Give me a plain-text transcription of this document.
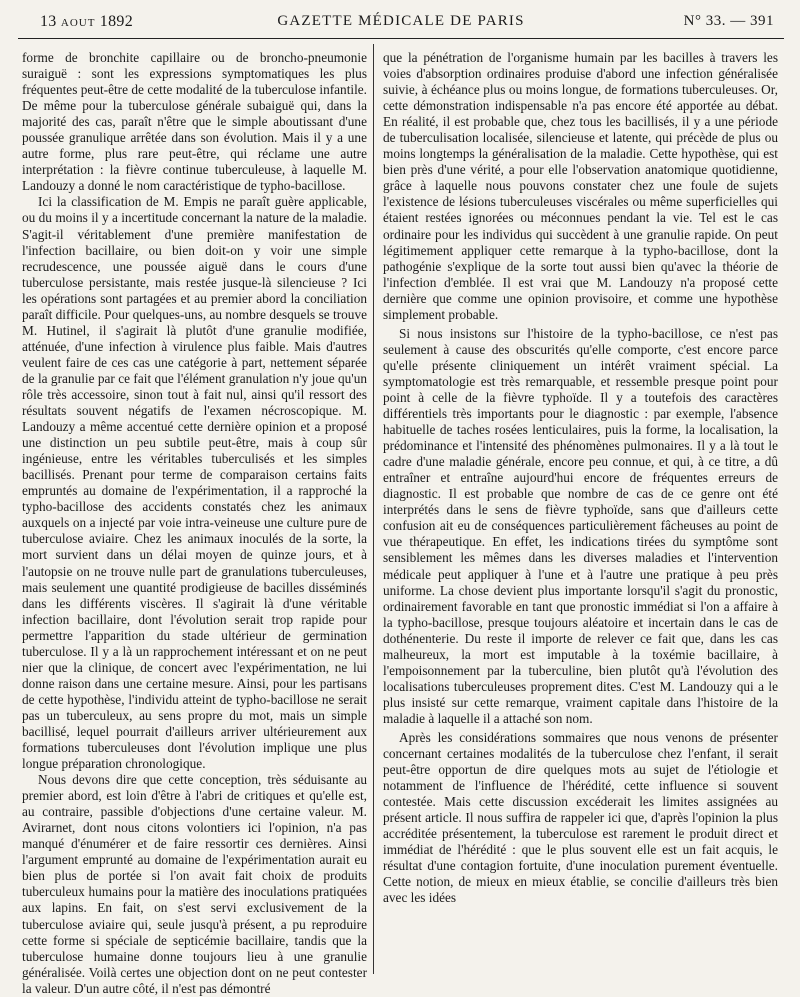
13 AOUT 1892	GAZETTE MÉDICALE DE PARIS	N° 33. — 391

forme de bronchite capillaire ou de broncho-pneumonie suraiguë : sont les expressions symptomatiques les plus fréquentes peut-être de cette modalité de la tuberculose infantile. De même pour la tuberculose générale subaiguë qui, dans la majorité des cas, paraît n'être que le simple aboutissant d'une poussée granulique arrêtée dans son évolution. Mais il y a une autre forme, plus rare peut-être, qui réclame une autre interprétation : la fièvre continue tuberculeuse, à laquelle M. Landouzy a donné le nom caractéristique de typho-bacillose.

Ici la classification de M. Empis ne paraît guère applicable, ou du moins il y a incertitude concernant la nature de la maladie. S'agit-il véritablement d'une première manifestation de l'infection bacillaire, ou bien doit-on y voir une simple recrudescence, une poussée aiguë dans le cours d'une tuberculose persistante, mais restée jusque-là silencieuse ? Ici les opérations sont partagées et au premier abord la conciliation paraît difficile. Pour quelques-uns, au nombre desquels se trouve M. Hutinel, il s'agirait là plutôt d'une granulie modifiée, atténuée, d'une infection à virulence plus faible. Mais d'autres veulent faire de ces cas une catégorie à part, nettement séparée de la granulie par ce fait que l'élément granulation n'y joue qu'un rôle très accessoire, sinon tout à fait nul, ainsi qu'il ressort des résultats souvent négatifs de l'examen nécroscopique. M. Landouzy a même accentué cette dernière opinion et a proposé une distinction un peu subtile peut-être, mais à coup sûr ingénieuse, entre les véritables tuberculisés et les simples bacillisés. Prenant pour terme de comparaison certains faits empruntés au domaine de l'expérimentation, il a rapproché la typho-bacillose des accidents constatés chez les animaux auxquels on a injecté par voie intra-veineuse une culture pure de tuberculose aviaire. Chez les animaux inoculés de la sorte, la mort survient dans un délai moyen de quinze jours, et à l'autopsie on ne trouve nulle part de granulations tuberculeuses, mais seulement une quantité prodigieuse de bacilles disséminés dans les différents viscères. Il s'agirait là d'une véritable infection bacillaire, dont l'évolution serait trop rapide pour permettre l'apparition du stade ultérieur de germination tuberculose. Il y a là un rapprochement intéressant et on ne peut nier que la clinique, de concert avec l'expérimentation, ne lui donne raison dans une certaine mesure. Ainsi, pour les partisans de cette hypothèse, l'individu atteint de typho-bacillose ne serait pas un tuberculeux, au sens propre du mot, mais un simple bacillisé, lequel pourrait d'ailleurs arriver ultérieurement aux formations tuberculeuses dont l'évolution implique une plus longue préparation chronologique.

Nous devons dire que cette conception, très séduisante au premier abord, est loin d'être à l'abri de critiques et qu'elle est, au contraire, passible d'objections d'une certaine valeur. M. Avirarnet, dont nous citons volontiers ici l'opinion, n'a pas manqué d'énumérer et de faire ressortir ces dernières. Ainsi l'argument emprunté au domaine de l'expérimentation aurait eu bien plus de portée si l'on avait fait choix de produits tuberculeux humains pour la matière des inoculations pratiquées aux lapins. En fait, on s'est servi exclusivement de la tuberculose aviaire qui, seule jusqu'à présent, a pu reproduire cette forme si spéciale de septicémie bacillaire, tandis que la tuberculose humaine donne toujours lieu à une granulie généralisée. Voilà certes une objection dont on ne peut contester la valeur. D'un autre côté, il n'est pas démontré

que la pénétration de l'organisme humain par les bacilles à travers les voies d'absorption ordinaires produise d'abord une infection généralisée suivie, à échéance plus ou moins longue, de formations tuberculeuses. Or, cette démonstration indispensable n'a pas encore été apportée au débat. En réalité, il est probable que, chez tous les bacillisés, il y a une période de tuberculisation localisée, silencieuse et latente, qui précède de plus ou moins longtemps la généralisation de la maladie. Cette hypothèse, qui est bien près d'une vérité, a pour elle l'observation anatomique quotidienne, grâce à laquelle nous pouvons constater chez une foule de sujets l'existence de lésions tuberculeuses viscérales ou même superficielles qui étaient restées ignorées ou méconnues pendant la vie. Tel est le cas ordinaire pour les individus qui succèdent à une granulie rapide. On peut légitimement appliquer cette remarque à la typho-bacillose, dont la pathogénie s'explique de la sorte tout aussi bien qu'avec la théorie de l'infection d'emblée. Il est vrai que M. Landouzy n'a proposé cette dernière que comme une opinion provisoire, et comme une hypothèse simplement probable.

Si nous insistons sur l'histoire de la typho-bacillose, ce n'est pas seulement à cause des obscurités qu'elle comporte, c'est encore parce qu'elle présente cliniquement un intérêt vraiment spécial. La symptomatologie est très remarquable, et ressemble presque point pour point à celle de la fièvre typhoïde. Il y a toutefois des caractères différentiels très importants pour le diagnostic : par exemple, l'absence habituelle de taches rosées lenticulaires, puis la forme, la localisation, la prédominance et l'intensité des phénomènes pulmonaires. Il y a là tout le cadre d'une maladie générale, encore peu connue, et qui, à ce titre, a dû entraîner et entraîne aujourd'hui encore de fréquentes erreurs de diagnostic. Il est probable que nombre de cas de ce genre ont été interprétés dans le sens de fièvre typhoïde, sans que d'ailleurs cette confusion ait eu de conséquences particulièrement fâcheuses au point de vue thérapeutique. En effet, les indications tirées du symptôme sont sensiblement les mêmes dans les diverses maladies et l'intervention médicale peut appliquer à l'une et à l'autre une pratique à peu près uniforme. La chose devient plus importante lorsqu'il s'agit du pronostic, ordinairement favorable en tant que pronostic immédiat si l'on a affaire à la typho-bacillose, presque toujours aléatoire et incertain dans le cas de dothénenterie. Du reste il importe de relever ce fait que, dans les cas malheureux, la mort est imputable à la toxémie bacillaire, à l'empoisonnement par la tuberculine, bien plutôt qu'à l'évolution des localisations tuberculeuses proprement dites. C'est M. Landouzy qui a le plus insisté sur cette remarque, vraiment capitale dans l'histoire de la maladie à laquelle il a attaché son nom.

Après les considérations sommaires que nous venons de présenter concernant certaines modalités de la tuberculose chez l'enfant, il serait peut-être opportun de dire quelques mots au sujet de l'étiologie et notamment de l'influence de l'hérédité, cette influence si souvent contestée. Mais cette discussion excéderait les limites assignées au présent article. Il nous suffira de rappeler ici que, d'après l'opinion la plus accréditée présentement, la tuberculose est rarement le produit direct et immédiat de l'hérédité : que le plus souvent elle est un fait acquis, le résultat d'une contagion fortuite, d'une inoculation purement éventuelle. Cette notion, de mieux en mieux établie, se concilie d'ailleurs très bien avec les idées
